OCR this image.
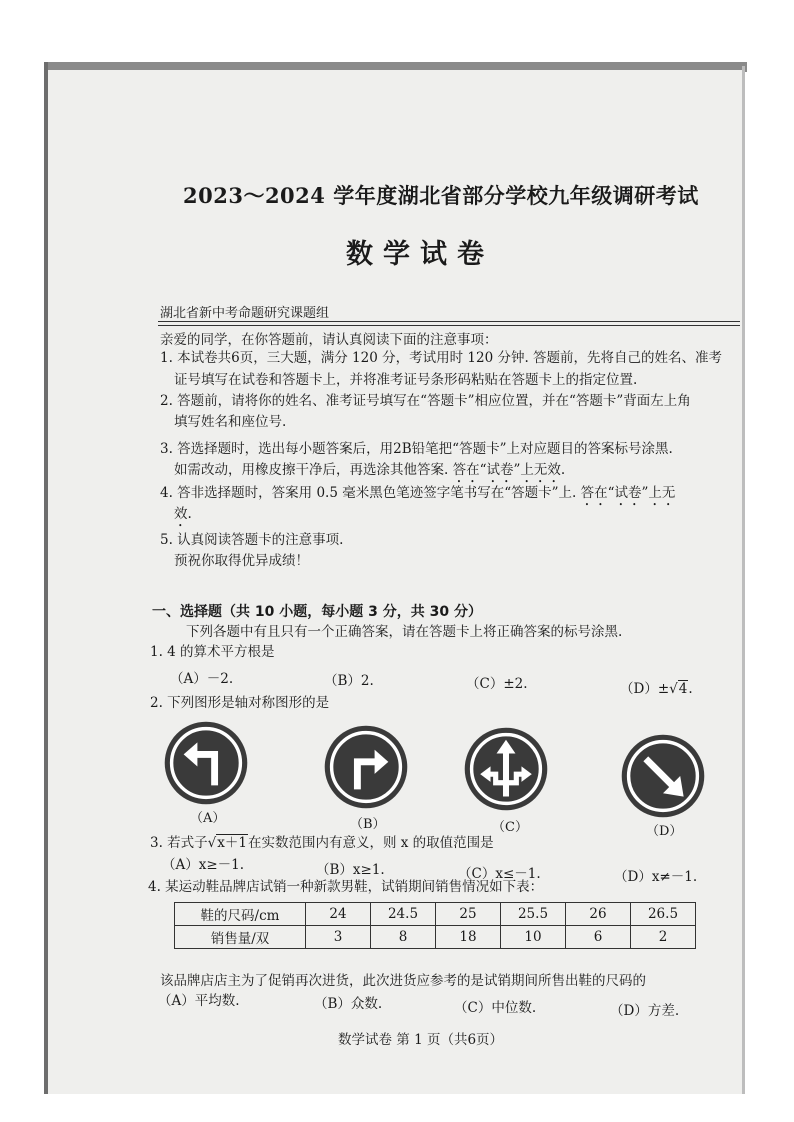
2023～2024 学年度湖北省部分学校九年级调研考试
数学试卷
湖北省新中考命题研究课题组
亲爱的同学，在你答题前，请认真阅读下面的注意事项：
1. 本试卷共6页，三大题，满分 120 分，考试用时 120 分钟. 答题前，先将自己的姓名、准考
证号填写在试卷和答题卡上，并将准考证号条形码粘贴在答题卡上的指定位置.
2. 答题前，请将你的姓名、准考证号填写在“答题卡”相应位置，并在“答题卡”背面左上角
填写姓名和座位号.
3. 答选择题时，选出每小题答案后，用2B铅笔把“答题卡”上对应题目的答案标号涂黑.
如需改动，用橡皮擦干净后，再选涂其他答案. 答在“试卷”上无效.
4. 答非选择题时，答案用 0.5 毫米黑色笔迹签字笔书写在“答题卡”上. 答在“试卷”上无
效.
5. 认真阅读答题卡的注意事项.
预祝你取得优异成绩！
一、选择题（共 10 小题，每小题 3 分，共 30 分）
下列各题中有且只有一个正确答案，请在答题卡上将正确答案的标号涂黑.
1. 4 的算术平方根是
（A）－2.	（B）2.	（C）±2.	（D）±√4.
2. 下列图形是轴对称图形的是
（A）	（B）	（C）	（D）
3. 若式子√x＋1在实数范围内有意义，则 x 的取值范围是
（A）x≥－1.	（B）x≥1.	（C）x≤－1.	（D）x≠－1.
4. 某运动鞋品牌店试销一种新款男鞋，试销期间销售情况如下表：
鞋的尺码/cm	24	24.5	25	25.5	26	26.5
销售量/双	3	8	18	10	6	2
该品牌店店主为了促销再次进货，此次进货应参考的是试销期间所售出鞋的尺码的
（A）平均数.	（B）众数.	（C）中位数.	（D）方差.
数学试卷 第 1 页（共6页）
